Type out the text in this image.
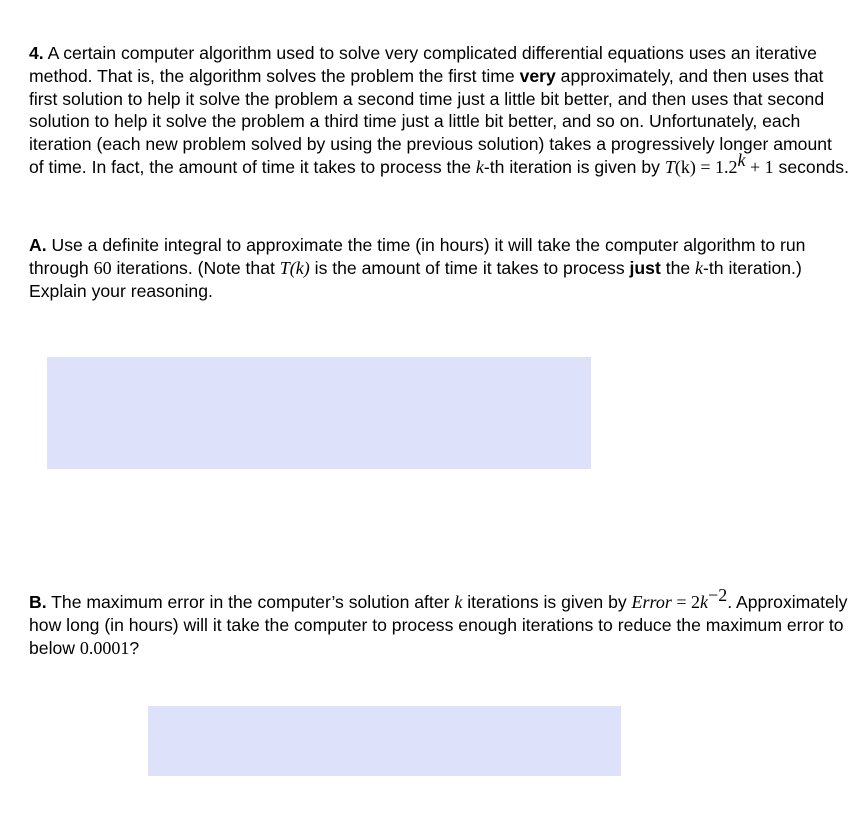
4. A certain computer algorithm used to solve very complicated differential equations uses an iterative method. That is, the algorithm solves the problem the first time very approximately, and then uses that first solution to help it solve the problem a second time just a little bit better, and then uses that second solution to help it solve the problem a third time just a little bit better, and so on. Unfortunately, each iteration (each new problem solved by using the previous solution) takes a progressively longer amount of time. In fact, the amount of time it takes to process the k-th iteration is given by $T(k) = 1.2^k + 1$ seconds.
A. Use a definite integral to approximate the time (in hours) it will take the computer algorithm to run through 60 iterations. (Note that T(k) is the amount of time it takes to process just the k-th iteration.) Explain your reasoning.
B. The maximum error in the computer’s solution after k iterations is given by Error = $2k^{-2}$. Approximately how long (in hours) will it take the computer to process enough iterations to reduce the maximum error to below 0.0001?
